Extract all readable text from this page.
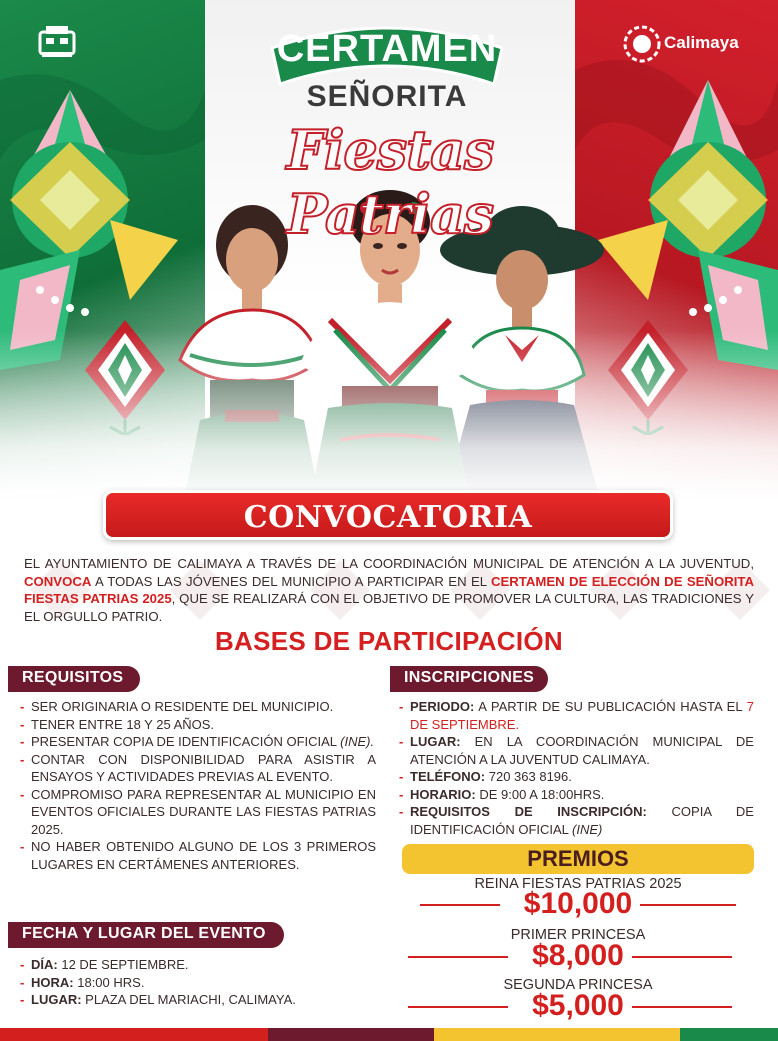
Calimaya
CERTAMEN
SEÑORITA
Fiestas Patrias
CONVOCATORIA
EL AYUNTAMIENTO DE CALIMAYA A TRAVÉS DE LA COORDINACIÓN MUNICIPAL DE ATENCIÓN A LA JUVENTUD, CONVOCA A TODAS LAS JÓVENES DEL MUNICIPIO A PARTICIPAR EN EL CERTAMEN DE ELECCIÓN DE SEÑORITA FIESTAS PATRIAS 2025, QUE SE REALIZARÁ CON EL OBJETIVO DE PROMOVER LA CULTURA, LAS TRADICIONES Y EL ORGULLO PATRIO.
BASES DE PARTICIPACIÓN
REQUISITOS
- SER ORIGINARIA O RESIDENTE DEL MUNICIPIO.
- TENER ENTRE 18 Y 25 AÑOS.
- PRESENTAR COPIA DE IDENTIFICACIÓN OFICIAL (INE).
- CONTAR CON DISPONIBILIDAD PARA ASISTIR A ENSAYOS Y ACTIVIDADES PREVIAS AL EVENTO.
- COMPROMISO PARA REPRESENTAR AL MUNICIPIO EN EVENTOS OFICIALES DURANTE LAS FIESTAS PATRIAS 2025.
- NO HABER OBTENIDO ALGUNO DE LOS 3 PRIMEROS LUGARES EN CERTÁMENES ANTERIORES.
INSCRIPCIONES
- PERIODO: A PARTIR DE SU PUBLICACIÓN HASTA EL 7 DE SEPTIEMBRE.
- LUGAR: EN LA COORDINACIÓN MUNICIPAL DE ATENCIÓN A LA JUVENTUD CALIMAYA.
- TELÉFONO: 720 363 8196.
- HORARIO: DE 9:00 A 18:00HRS.
- REQUISITOS DE INSCRIPCIÓN: COPIA DE IDENTIFICACIÓN OFICIAL (INE)
PREMIOS
REINA FIESTAS PATRIAS 2025
$10,000
PRIMER PRINCESA
$8,000
SEGUNDA PRINCESA
$5,000
FECHA Y LUGAR DEL EVENTO
- DÍA: 12 DE SEPTIEMBRE.
- HORA: 18:00 HRS.
- LUGAR: PLAZA DEL MARIACHI, CALIMAYA.
